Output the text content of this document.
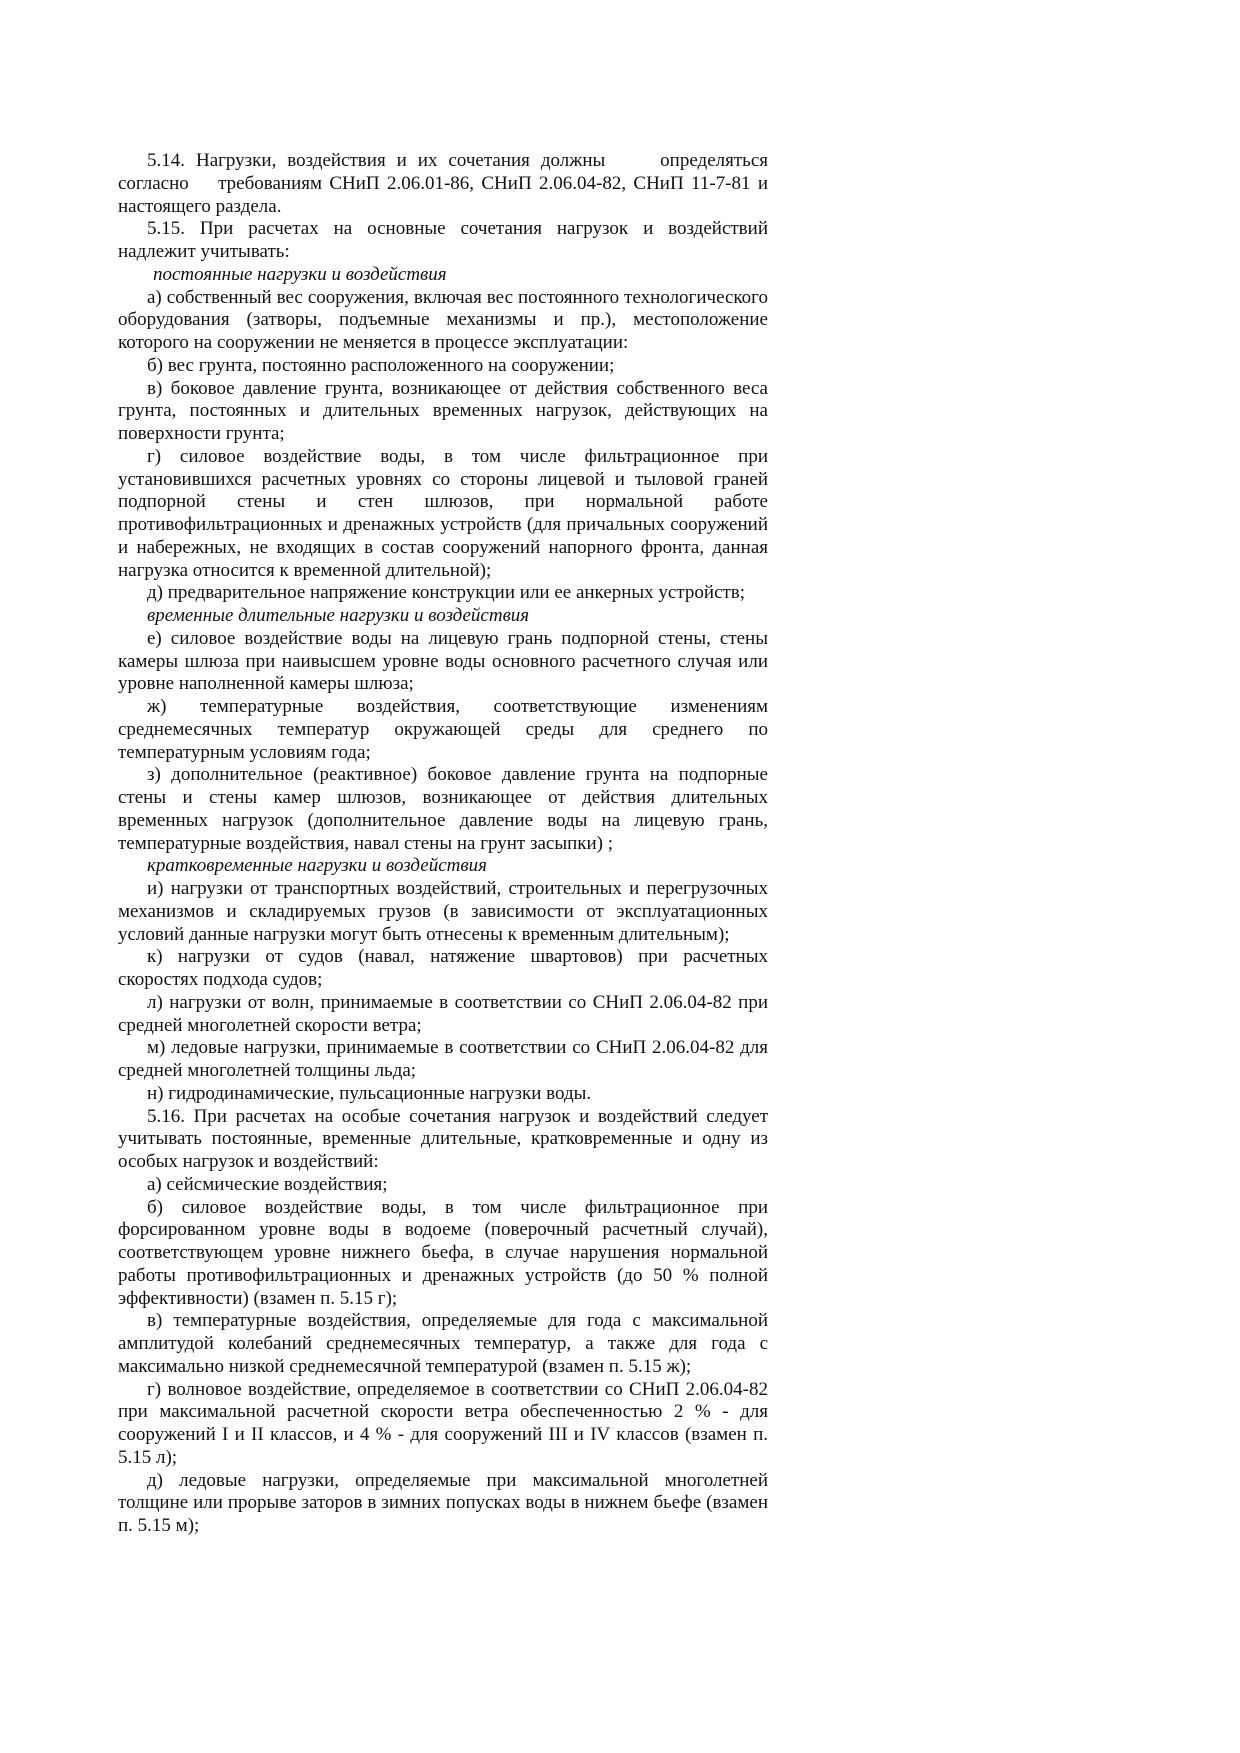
5.14. Нагрузки, воздействия и их сочетания должны     определяться согласно    требованиям СНиП 2.06.01-86, СНиП 2.06.04-82, СНиП 11-7-81 и настоящего раздела.

5.15. При расчетах на основные сочетания нагрузок и воздействий надлежит учитывать:

постоянные нагрузки и воздействия

а) собственный вес сооружения, включая вес постоянного технологического оборудования (затворы, подъемные механизмы и пр.), местоположение которого на сооружении не меняется в процессе эксплуатации:

б) вес грунта, постоянно расположенного на сооружении;

в) боковое давление грунта, возникающее от действия собственного веса грунта, постоянных и длительных временных нагрузок, действующих на поверхности грунта;

г) силовое воздействие воды, в том числе фильтрационное при установившихся расчетных уровнях со стороны лицевой и тыловой граней подпорной стены и стен шлюзов, при нормальной работе противофильтрационных и дренажных устройств (для причальных сооружений и набережных, не входящих в состав сооружений напорного фронта, данная нагрузка относится к временной длительной);

д) предварительное напряжение конструкции или ее анкерных устройств;

временные длительные нагрузки и воздействия

е) силовое воздействие воды на лицевую грань подпорной стены, стены камеры шлюза при наивысшем уровне воды основного расчетного случая или уровне наполненной камеры шлюза;

ж) температурные воздействия, соответствующие изменениям среднемесячных температур окружающей среды для среднего по температурным условиям года;

з) дополнительное (реактивное) боковое давление грунта на подпорные стены и стены камер шлюзов, возникающее от действия длительных временных нагрузок (дополнительное давление воды на лицевую грань, температурные воздействия, навал стены на грунт засыпки) ;

кратковременные нагрузки и воздействия

и) нагрузки от транспортных воздействий, строительных и перегрузочных механизмов и складируемых грузов (в зависимости от эксплуатационных условий данные нагрузки могут быть отнесены к временным длительным);

к) нагрузки от судов (навал, натяжение швартовов) при расчетных скоростях подхода судов;

л) нагрузки от волн, принимаемые в соответствии со СНиП 2.06.04-82 при средней многолетней скорости ветра;

м) ледовые нагрузки, принимаемые в соответствии со СНиП 2.06.04-82 для средней многолетней толщины льда;

н) гидродинамические, пульсационные нагрузки воды.

5.16. При расчетах на особые сочетания нагрузок и воздействий следует учитывать постоянные, временные длительные, кратковременные и одну из особых нагрузок и воздействий:

а) сейсмические воздействия;

б) силовое воздействие воды, в том числе фильтрационное при форсированном уровне воды в водоеме (поверочный расчетный случай), соответствующем уровне нижнего бьефа, в случае нарушения нормальной работы противофильтрационных и дренажных устройств (до 50 % полной эффективности) (взамен п. 5.15 г);

в) температурные воздействия, определяемые для года с максимальной амплитудой колебаний среднемесячных температур, а также для года с максимально низкой среднемесячной температурой (взамен п. 5.15 ж);

г) волновое воздействие, определяемое в соответствии со СНиП 2.06.04-82 при максимальной расчетной скорости ветра обеспеченностью 2 % - для сооружений I и II классов, и 4 % - для сооружений III и IV классов (взамен п. 5.15 л);

д) ледовые нагрузки, определяемые при максимальной многолетней толщине или прорыве заторов в зимних попусках воды в нижнем бьефе (взамен п. 5.15 м);
